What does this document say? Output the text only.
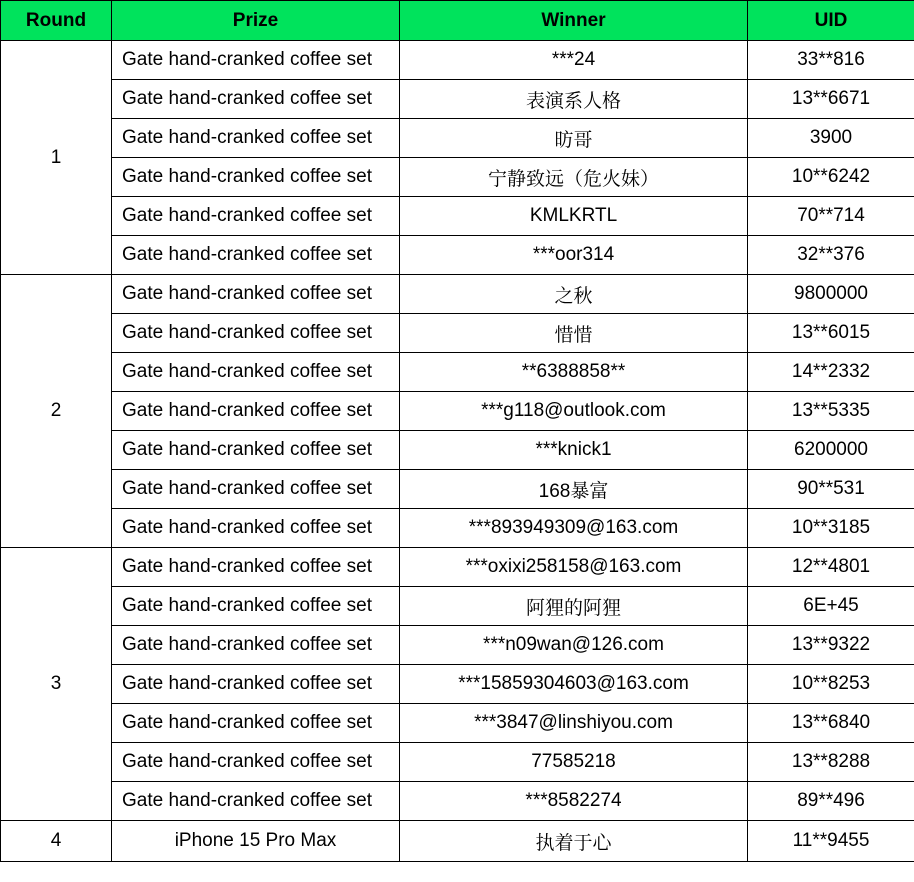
Round	Prize	Winner	UID
1	Gate hand-cranked coffee set	***24	33**816
	Gate hand-cranked coffee set	表演系人格	13**6671
	Gate hand-cranked coffee set	昉哥	3900
	Gate hand-cranked coffee set	宁静致远（危火妹）	10**6242
	Gate hand-cranked coffee set	KMLKRTL	70**714
	Gate hand-cranked coffee set	***oor314	32**376
2	Gate hand-cranked coffee set	之秋	9800000
	Gate hand-cranked coffee set	惜惜	13**6015
	Gate hand-cranked coffee set	**6388858**	14**2332
	Gate hand-cranked coffee set	***g118@outlook.com	13**5335
	Gate hand-cranked coffee set	***knick1	6200000
	Gate hand-cranked coffee set	168暴富	90**531
	Gate hand-cranked coffee set	***893949309@163.com	10**3185
3	Gate hand-cranked coffee set	***oxixi258158@163.com	12**4801
	Gate hand-cranked coffee set	阿狸的阿狸	6E+45
	Gate hand-cranked coffee set	***n09wan@126.com	13**9322
	Gate hand-cranked coffee set	***15859304603@163.com	10**8253
	Gate hand-cranked coffee set	***3847@linshiyou.com	13**6840
	Gate hand-cranked coffee set	77585218	13**8288
	Gate hand-cranked coffee set	***8582274	89**496
4	iPhone 15 Pro Max	执着于心	11**9455
